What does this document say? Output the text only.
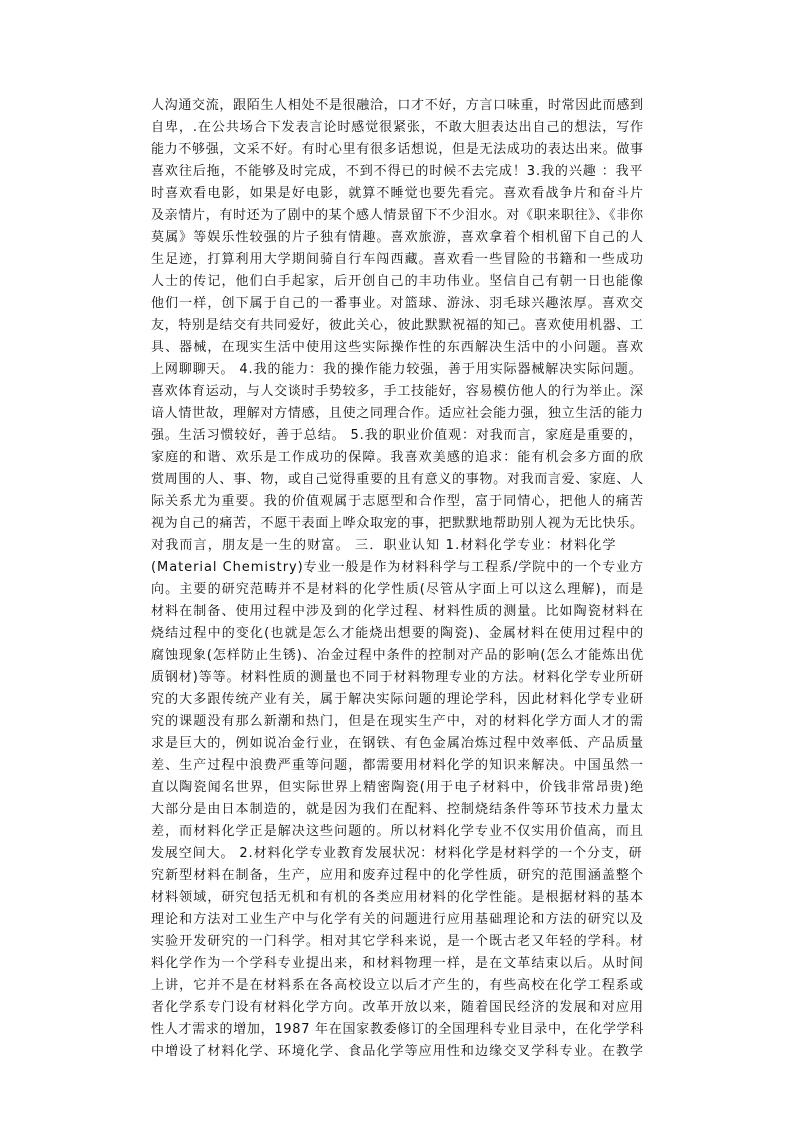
人沟通交流，跟陌生人相处不是很融洽，口才不好，方言口味重，时常因此而感到
自卑，.在公共场合下发表言论时感觉很紧张，不敢大胆表达出自己的想法，写作
能力不够强，文采不好。有时心里有很多话想说，但是无法成功的表达出来。做事
喜欢往后拖，不能够及时完成，不到不得已的时候不去完成！3.我的兴趣 ：我平
时喜欢看电影，如果是好电影，就算不睡觉也要先看完。喜欢看战争片和奋斗片
及亲情片，有时还为了剧中的某个感人情景留下不少泪水。对《职来职往》、《非你
莫属》等娱乐性较强的片子独有情趣。喜欢旅游，喜欢拿着个相机留下自己的人
生足迹，打算利用大学期间骑自行车闯西藏。喜欢看一些冒险的书籍和一些成功
人士的传记，他们白手起家，后开创自己的丰功伟业。坚信自己有朝一日也能像
他们一样，创下属于自己的一番事业。对篮球、游泳、羽毛球兴趣浓厚。喜欢交
友，特别是结交有共同爱好，彼此关心，彼此默默祝福的知己。喜欢使用机器、工
具、器械，在现实生活中使用这些实际操作性的东西解决生活中的小问题。喜欢
上网聊聊天。 4.我的能力：我的操作能力较强，善于用实际器械解决实际问题。
喜欢体育运动，与人交谈时手势较多，手工技能好，容易模仿他人的行为举止。深
谙人情世故，理解对方情感，且使之同理合作。适应社会能力强，独立生活的能力
强。生活习惯较好，善于总结。 5.我的职业价值观：对我而言，家庭是重要的，
家庭的和谐、欢乐是工作成功的保障。我喜欢美感的追求：能有机会多方面的欣
赏周围的人、事、物，或自己觉得重要的且有意义的事物。对我而言爱、家庭、人
际关系尤为重要。我的价值观属于志愿型和合作型，富于同情心，把他人的痛苦
视为自己的痛苦，不愿干表面上哗众取宠的事，把默默地帮助别人视为无比快乐。
对我而言，朋友是一生的财富。 三．职业认知 1.材料化学专业：材料化学
(Material Chemistry)专业一般是作为材料科学与工程系/学院中的一个专业方
向。主要的研究范畴并不是材料的化学性质(尽管从字面上可以这么理解)，而是
材料在制备、使用过程中涉及到的化学过程、材料性质的测量。比如陶瓷材料在
烧结过程中的变化(也就是怎么才能烧出想要的陶瓷)、金属材料在使用过程中的
腐蚀现象(怎样防止生锈)、冶金过程中条件的控制对产品的影响(怎么才能炼出优
质钢材)等等。材料性质的测量也不同于材料物理专业的方法。材料化学专业所研
究的大多跟传统产业有关，属于解决实际问题的理论学科，因此材料化学专业研
究的课题没有那么新潮和热门，但是在现实生产中，对的材料化学方面人才的需
求是巨大的，例如说冶金行业，在钢铁、有色金属冶炼过程中效率低、产品质量
差、生产过程中浪费严重等问题，都需要用材料化学的知识来解决。中国虽然一
直以陶瓷闻名世界，但实际世界上精密陶瓷(用于电子材料中，价钱非常昂贵)绝
大部分是由日本制造的，就是因为我们在配料、控制烧结条件等环节技术力量太
差，而材料化学正是解决这些问题的。所以材料化学专业不仅实用价值高，而且
发展空间大。 2.材料化学专业教育发展状况：材料化学是材料学的一个分支，研
究新型材料在制备，生产，应用和废弃过程中的化学性质，研究的范围涵盖整个
材料领域，研究包括无机和有机的各类应用材料的化学性能。是根据材料的基本
理论和方法对工业生产中与化学有关的问题进行应用基础理论和方法的研究以及
实验开发研究的一门科学。相对其它学科来说，是一个既古老又年轻的学科。材
料化学作为一个学科专业提出来，和材料物理一样，是在文革结束以后。从时间
上讲，它并不是在材料系在各高校设立以后才产生的，有些高校在化学工程系或
者化学系专门设有材料化学方向。改革开放以来，随着国民经济的发展和对应用
性人才需求的增加，1987 年在国家教委修订的全国理科专业目录中，在化学学科
中增设了材料化学、环境化学、食品化学等应用性和边缘交叉学科专业。在教学
